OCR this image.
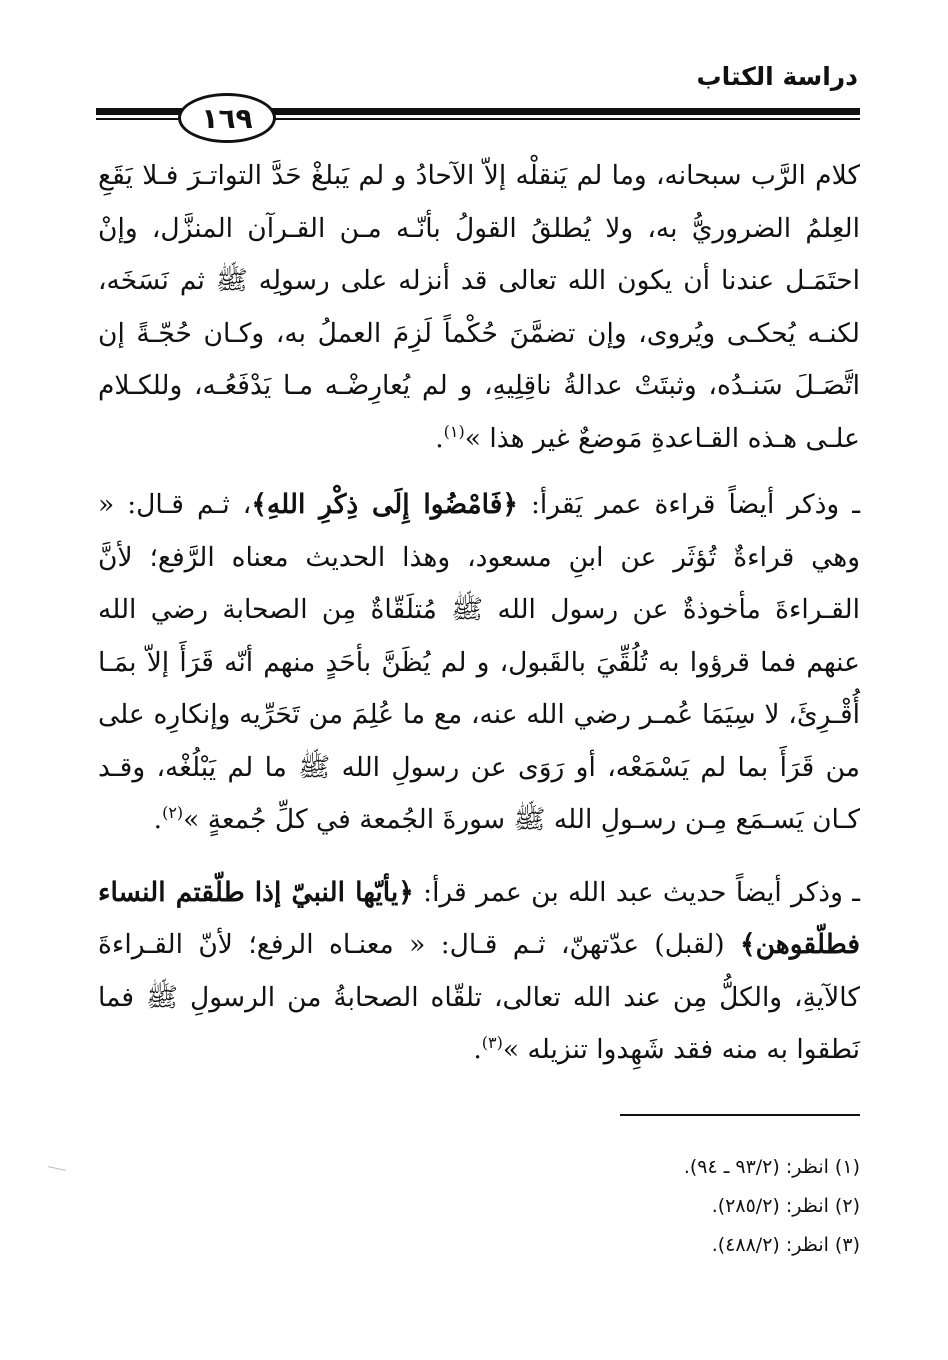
دراسة الكتاب
١٦٩

كلام الرَّب سبحانه، وما لم يَنقلْه إلاّ الآحادُ و لم يَبلغْ حَدَّ التواتـرَ فـلا يَقَعِ العِلمُ الضروريُّ به، ولا يُطلقُ القولُ بأنّـه مـن القـرآن المنزَّل، وإنْ احتَمَـل عندنا أن يكون الله تعالى قد أنزله على رسولِه ﷺ ثم نَسَخَه، لكنـه يُحكـى ويُروى، وإن تضمَّنَ حُكْماً لَزِمَ العملُ به، وكـان حُجّـةً إن اتَّصَـلَ سَنـدُه، وثبتَتْ عدالةُ ناقِلِيهِ، و لم يُعارِضْـه مـا يَدْفَعُـه، وللكـلام علـى هـذه القـاعدةِ مَوضعٌ غير هذا »$^{(١)}$.

ـ وذكر أيضاً قراءة عمر يَقرأ: ﴿فَامْضُوا إِلَى ذِكْرِ اللهِ﴾، ثـم قـال: « وهي قراءةٌ تُؤثَر عن ابنِ مسعود، وهذا الحديث معناه الرَّفع؛ لأنَّ القـراءةَ مأخوذةٌ عن رسول الله ﷺ مُتلَقّاةٌ مِن الصحابة رضي الله عنهم فما قرؤوا به تُلُقِّيَ بالقَبول، و لم يُظَنَّ بأحَدٍ منهم أنّه قَرَأَ إلاّ بمَـا أُقْـرِئَ، لا سِيَمَا عُمـر رضي الله عنه، مع ما عُلِمَ من تَحَرِّيه وإنكارِه على من قَرَأَ بما لم يَسْمَعْه، أو رَوَى عن رسولِ الله ﷺ ما لم يَبْلُغْه، وقـد كـان يَسـمَع مِـن رسـولِ الله ﷺ سورةَ الجُمعة في كلِّ جُمعةٍ »$^{(٢)}$.

ـ وذكر أيضاً حديث عبد الله بن عمر قرأ: ﴿يأيّها النبيّ إذا طلّقتم النساء فطلّقوهن﴾ (لقبل) عدّتهنّ، ثـم قـال: « معنـاه الرفع؛ لأنّ القـراءةَ كالآيةِ، والكلُّ مِن عند الله تعالى، تلقّاه الصحابةُ من الرسولِ ﷺ فما نَطقوا به منه فقد شَهِدوا تنزيله »$^{(٣)}$.

(١) انظر: (٩٣/٢ ـ ٩٤).
(٢) انظر: (٢٨٥/٢).
(٣) انظر: (٤٨٨/٢).
